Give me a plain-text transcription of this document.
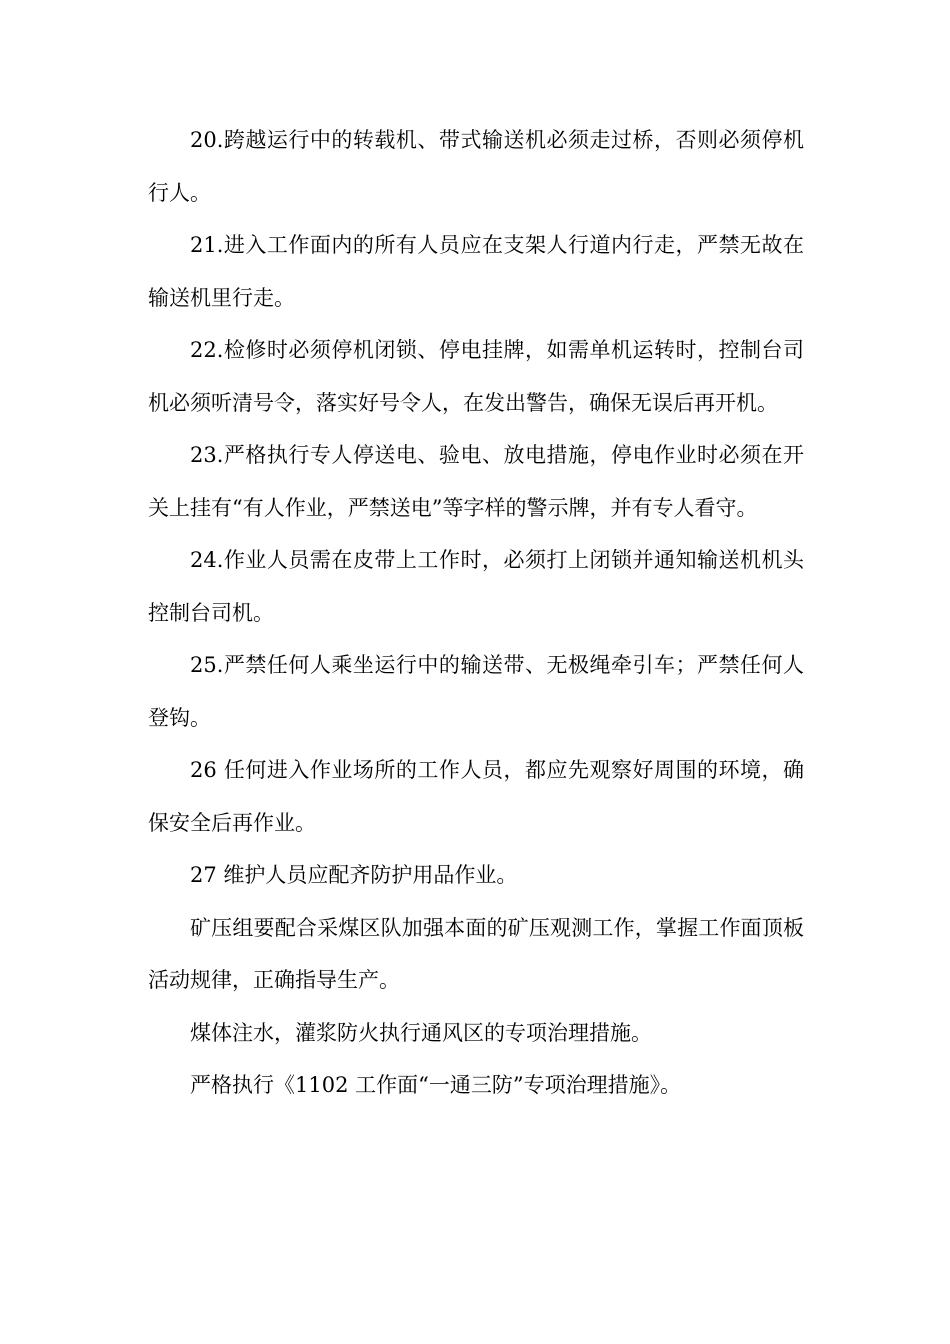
20.跨越运行中的转载机、带式输送机必须走过桥，否则必须停机行人。

21.进入工作面内的所有人员应在支架人行道内行走，严禁无故在输送机里行走。

22.检修时必须停机闭锁、停电挂牌，如需单机运转时，控制台司机必须听清号令，落实好号令人，在发出警告，确保无误后再开机。

23.严格执行专人停送电、验电、放电措施，停电作业时必须在开关上挂有“有人作业，严禁送电”等字样的警示牌，并有专人看守。

24.作业人员需在皮带上工作时，必须打上闭锁并通知输送机机头控制台司机。

25.严禁任何人乘坐运行中的输送带、无极绳牵引车；严禁任何人登钩。

26 任何进入作业场所的工作人员，都应先观察好周围的环境，确保安全后再作业。

27 维护人员应配齐防护用品作业。

矿压组要配合采煤区队加强本面的矿压观测工作，掌握工作面顶板活动规律，正确指导生产。

煤体注水，灌浆防火执行通风区的专项治理措施。

严格执行《1102 工作面“一通三防”专项治理措施》。
